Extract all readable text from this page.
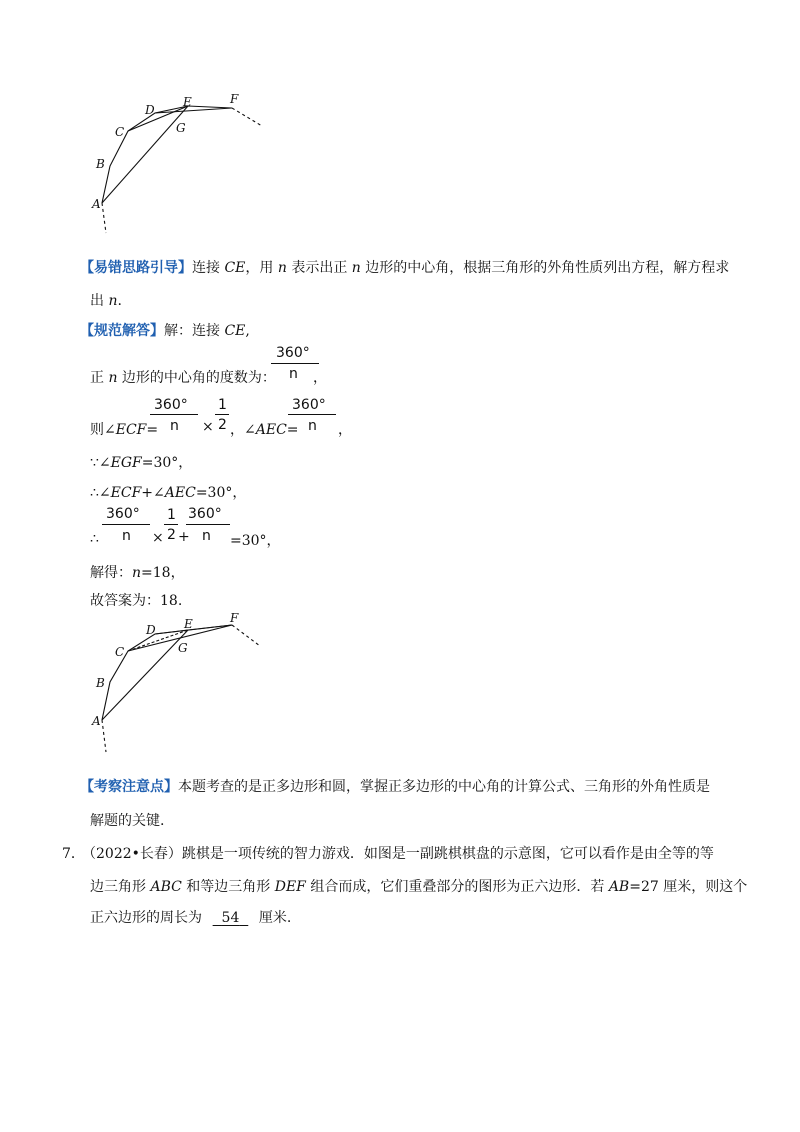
A
B
C
D
E	F
G
【易错思路引导】连接 CE，用 n 表示出正 n 边形的中心角，根据三角形的外角性质列出方程，解方程求
出 n.
【规范解答】解：连接 CE,
正 n 边形的中心角的度数为：
360°
n ，
则∠ECF=
360°
n ×
1
2 ，∠AEC=
360°
n ，
∵∠EGF=30°，
∴∠ECF+∠AEC=30°，
∴
360°
n ×
1
2 +
360°
n =30°，
解得：n=18，
故答案为：18.
A
B
C
D E	F
G
【考察注意点】本题考查的是正多边形和圆，掌握正多边形的中心角的计算公式、三角形的外角性质是
解题的关键.
7．
（2022•长春）跳棋是一项传统的智力游戏．如图是一副跳棋棋盘的示意图，它可以看作是由全等的等
边三角形 ABC 和等边三角形 DEF 组合而成，它们重叠部分的图形为正六边形．若 AB=27 厘米，则这个
正六边形的周长为 54 厘米.
